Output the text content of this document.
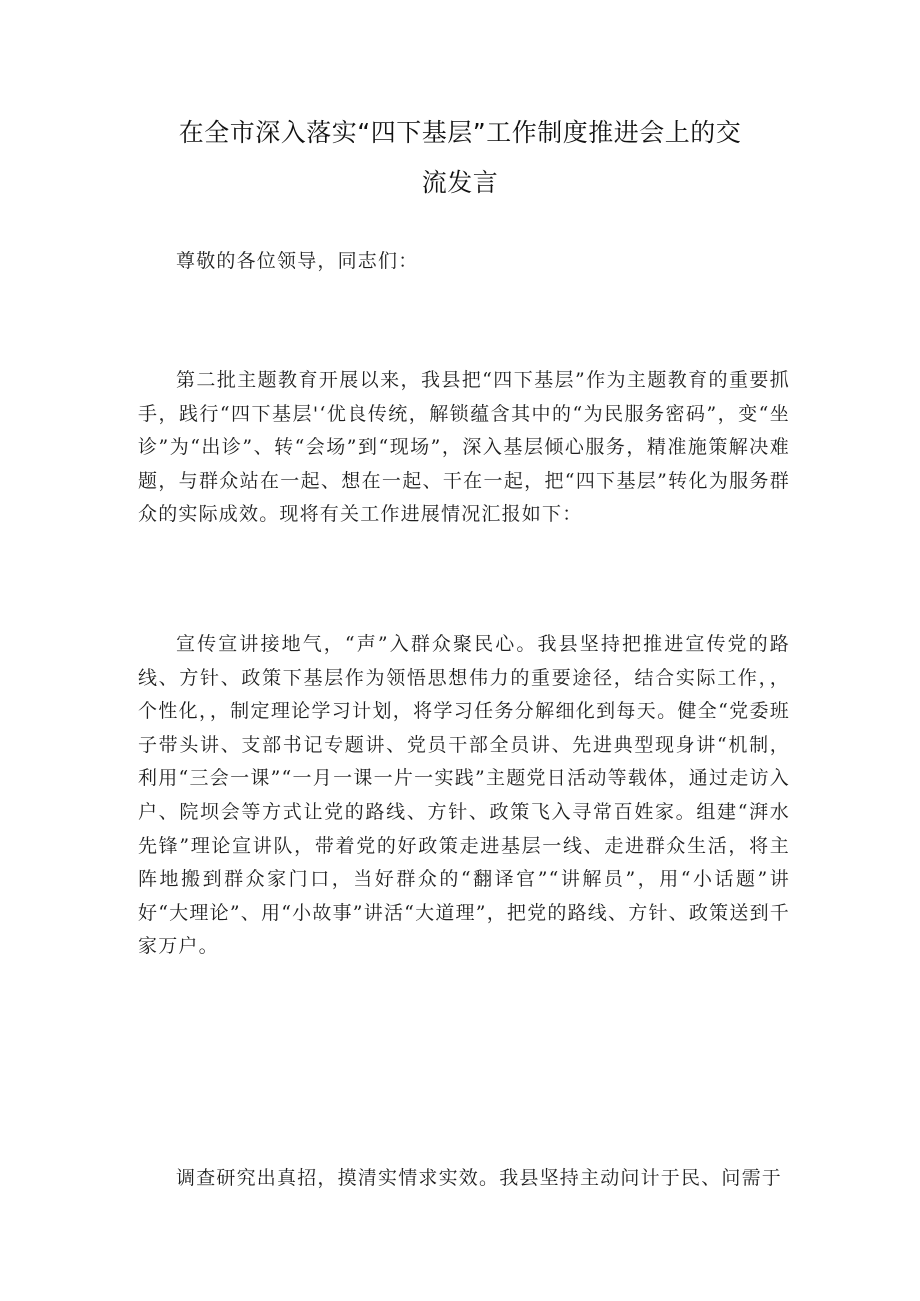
在全市深入落实“四下基层”工作制度推进会上的交
流发言

尊敬的各位领导，同志们：

第二批主题教育开展以来，我县把“四下基层”作为主题教育的重要抓手，践行“四下基层'‘优良传统，解锁蕴含其中的“为民服务密码”，变“坐诊”为“出诊”、转“会场”到“现场”，深入基层倾心服务，精准施策解决难题，与群众站在一起、想在一起、干在一起，把“四下基层”转化为服务群众的实际成效。现将有关工作进展情况汇报如下：

宣传宣讲接地气，“声”入群众聚民心。我县坚持把推进宣传党的路线、方针、政策下基层作为领悟思想伟力的重要途径，结合实际工作，，个性化，，制定理论学习计划，将学习任务分解细化到每天。健全“党委班子带头讲、支部书记专题讲、党员干部全员讲、先进典型现身讲“机制，利用“三会一课”“一月一课一片一实践”主题党日活动等载体，通过走访入户、院坝会等方式让党的路线、方针、政策飞入寻常百姓家。组建“湃水先锋”理论宣讲队，带着党的好政策走进基层一线、走进群众生活，将主阵地搬到群众家门口，当好群众的“翻译官”“讲解员”，用“小话题”讲好“大理论”、用“小故事”讲活“大道理”，把党的路线、方针、政策送到千家万户。

调查研究出真招，摸清实情求实效。我县坚持主动问计于民、问需于
